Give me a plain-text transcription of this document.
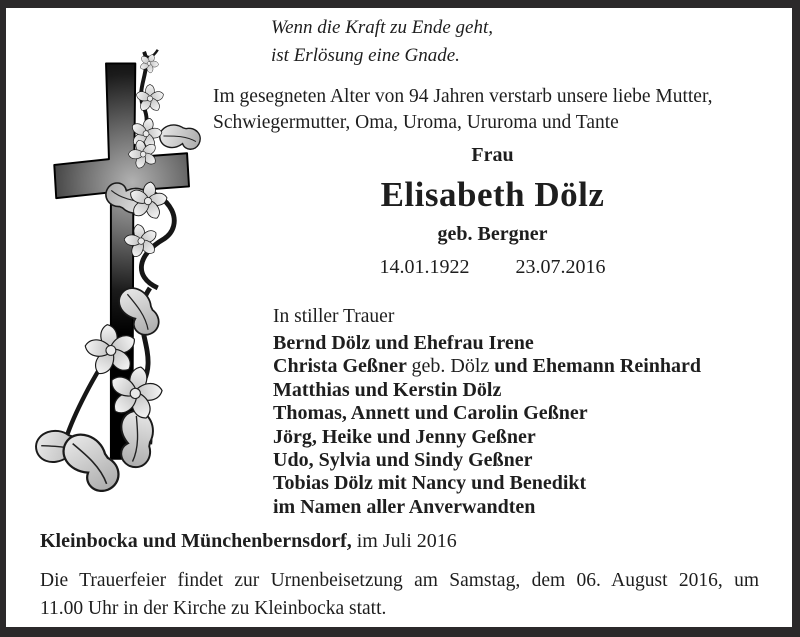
Wenn die Kraft zu Ende geht,
ist Erlösung eine Gnade.
Im gesegneten Alter von 94 Jahren verstarb unsere liebe Mutter,
Schwiegermutter, Oma, Uroma, Ururoma und Tante
Frau
Elisabeth Dölz
geb. Bergner
14.01.1922 23.07.2016
In stiller Trauer
Bernd Dölz und Ehefrau Irene
Christa Geßner geb. Dölz und Ehemann Reinhard
Matthias und Kerstin Dölz
Thomas, Annett und Carolin Geßner
Jörg, Heike und Jenny Geßner
Udo, Sylvia und Sindy Geßner
Tobias Dölz mit Nancy und Benedikt
im Namen aller Anverwandten
Kleinbocka und Münchenbernsdorf, im Juli 2016
Die Trauerfeier findet zur Urnenbeisetzung am Samstag, dem 06. August 2016, um
11.00 Uhr in der Kirche zu Kleinbocka statt.
